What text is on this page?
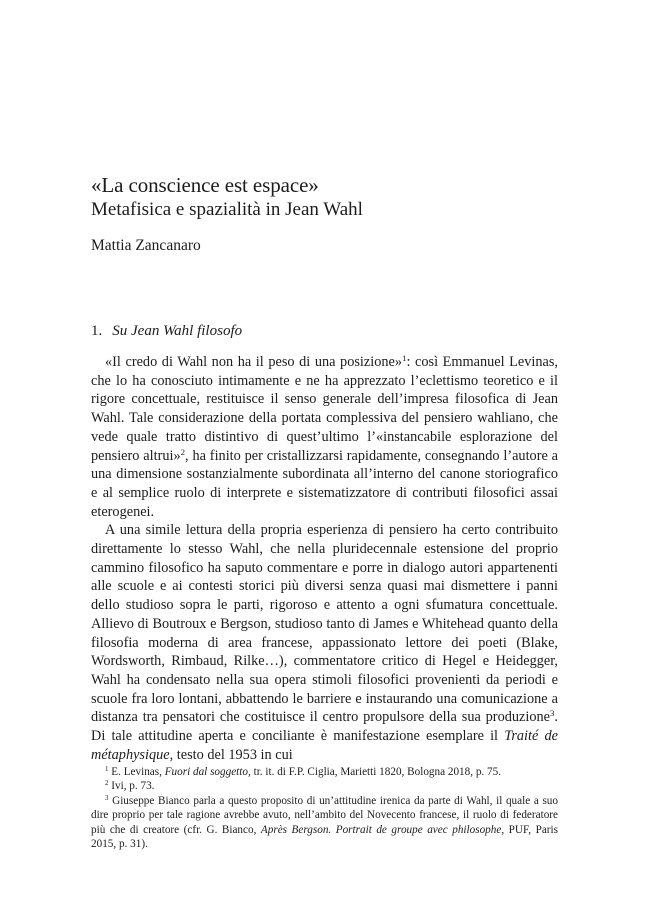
«La conscience est espace»
Metafisica e spazialità in Jean Wahl
Mattia Zancanaro
1. Su Jean Wahl filosofo

«Il credo di Wahl non ha il peso di una posizione»$^1$: così Emmanuel Levinas, che lo ha conosciuto intimamente e ne ha apprezzato l’eclettismo teoretico e il rigore concettuale, restituisce il senso generale dell’impresa filosofica di Jean Wahl. Tale considerazione della portata complessiva del pensiero wahliano, che vede quale tratto distintivo di quest’ultimo l’«instancabile esplorazione del pensiero altrui»$^2$, ha finito per cristallizzarsi rapidamente, consegnando l’autore a una dimensione sostanzialmente subordinata all’interno del canone storiografico e al semplice ruolo di interprete e sistematizzatore di contributi filosofici assai eterogenei.

A una simile lettura della propria esperienza di pensiero ha certo contribuito direttamente lo stesso Wahl, che nella pluridecennale estensione del proprio cammino filosofico ha saputo commentare e porre in dialogo autori appartenenti alle scuole e ai contesti storici più diversi senza quasi mai dismettere i panni dello studioso sopra le parti, rigoroso e attento a ogni sfumatura concettuale. Allievo di Boutroux e Bergson, studioso tanto di James e Whitehead quanto della filosofia moderna di area francese, appassionato lettore dei poeti (Blake, Wordsworth, Rimbaud, Rilke…), commentatore critico di Hegel e Heidegger, Wahl ha condensato nella sua opera stimoli filosofici provenienti da periodi e scuole fra loro lontani, abbattendo le barriere e instaurando una comunicazione a distanza tra pensatori che costituisce il centro propulsore della sua produzione$^3$. Di tale attitudine aperta e conciliante è manifestazione esemplare il Traité de métaphysique, testo del 1953 in cui

$^1$ E. Levinas, Fuori dal soggetto, tr. it. di F.P. Ciglia, Marietti 1820, Bologna 2018, p. 75.

$^2$ Ivi, p. 73.

$^3$ Giuseppe Bianco parla a questo proposito di un’attitudine irenica da parte di Wahl, il quale a suo dire proprio per tale ragione avrebbe avuto, nell’ambito del Novecento francese, il ruolo di federatore più che di creatore (cfr. G. Bianco, Après Bergson. Portrait de groupe avec philosophe, PUF, Paris 2015, p. 31).
